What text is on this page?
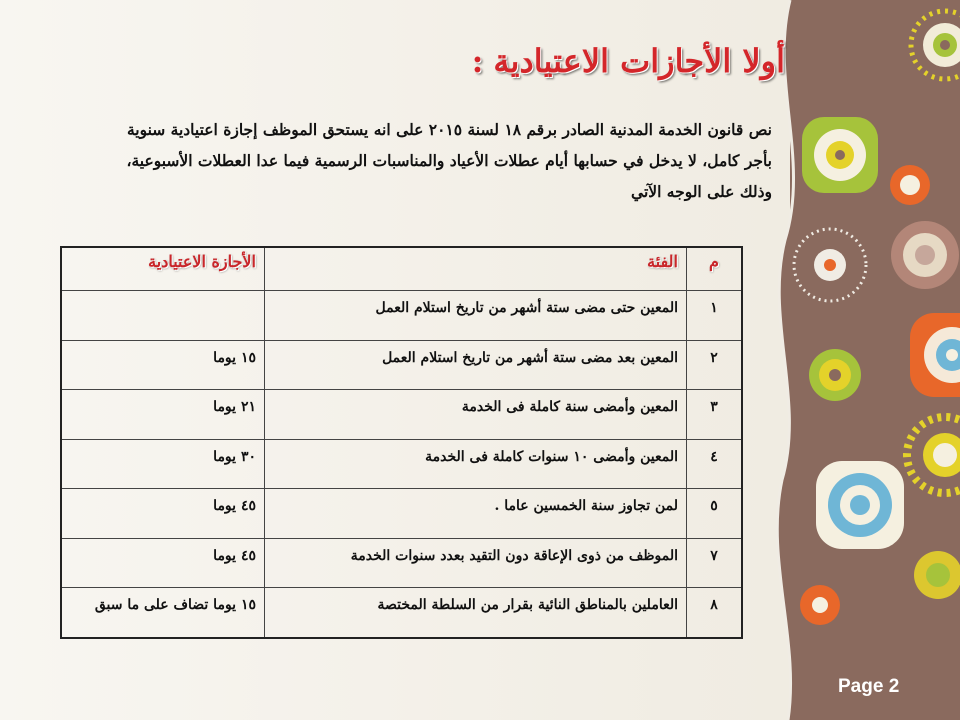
أولا الأجازات الاعتيادية:
نص قانون الخدمة المدنية الصادر برقم ١٨ لسنة ٢٠١٥ على انه يستحق الموظف إجازة اعتيادية سنوية
بأجر كامل، لا يدخل في حسابها أيام عطلات الأعياد والمناسبات الرسمية فيما عدا العطلات الأسبوعية،
وذلك على الوجه الآتي
م	الفئة	الأجازة الاعتيادية
١	المعين حتى مضى ستة أشهر من تاريخ استلام العمل	
٢	المعين بعد مضى ستة أشهر من تاريخ استلام العمل	١٥ يوما
٣	المعين وأمضى سنة كاملة فى الخدمة	٢١ يوما
٤	المعين وأمضى ١٠ سنوات كاملة فى الخدمة	٣٠ يوما
٥	لمن تجاوز سنة الخمسين عاما .	٤٥ يوما
٧	الموظف من ذوى الإعاقة دون التقيد بعدد سنوات الخدمة	٤٥ يوما
٨	العاملين بالمناطق النائية بقرار من السلطة المختصة	١٥ يوما تضاف على ما سبق
Page 2
